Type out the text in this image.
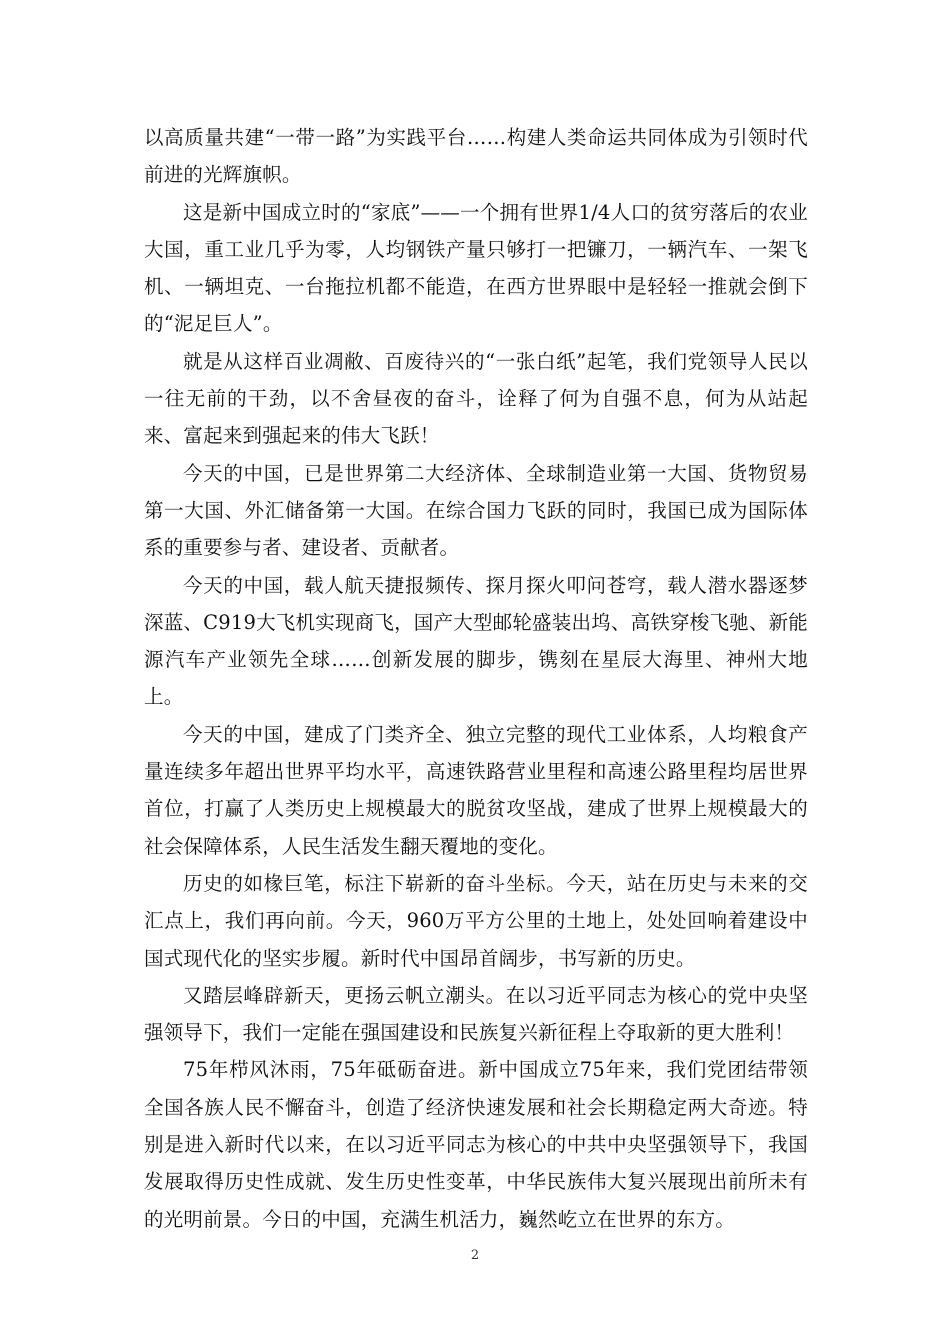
以高质量共建“一带一路”为实践平台……构建人类命运共同体成为引领时代前进的光辉旗帜。

这是新中国成立时的“家底”——一个拥有世界1/4人口的贫穷落后的农业大国，重工业几乎为零，人均钢铁产量只够打一把镰刀，一辆汽车、一架飞机、一辆坦克、一台拖拉机都不能造，在西方世界眼中是轻轻一推就会倒下的“泥足巨人”。

就是从这样百业凋敝、百废待兴的“一张白纸”起笔，我们党领导人民以一往无前的干劲，以不舍昼夜的奋斗，诠释了何为自强不息，何为从站起来、富起来到强起来的伟大飞跃！

今天的中国，已是世界第二大经济体、全球制造业第一大国、货物贸易第一大国、外汇储备第一大国。在综合国力飞跃的同时，我国已成为国际体系的重要参与者、建设者、贡献者。

今天的中国，载人航天捷报频传、探月探火叩问苍穹，载人潜水器逐梦深蓝、C919大飞机实现商飞，国产大型邮轮盛装出坞、高铁穿梭飞驰、新能源汽车产业领先全球……创新发展的脚步，镌刻在星辰大海里、神州大地上。

今天的中国，建成了门类齐全、独立完整的现代工业体系，人均粮食产量连续多年超出世界平均水平，高速铁路营业里程和高速公路里程均居世界首位，打赢了人类历史上规模最大的脱贫攻坚战，建成了世界上规模最大的社会保障体系，人民生活发生翻天覆地的变化。

历史的如椽巨笔，标注下崭新的奋斗坐标。今天，站在历史与未来的交汇点上，我们再向前。今天，960万平方公里的土地上，处处回响着建设中国式现代化的坚实步履。新时代中国昂首阔步，书写新的历史。

又踏层峰辟新天，更扬云帆立潮头。在以习近平同志为核心的党中央坚强领导下，我们一定能在强国建设和民族复兴新征程上夺取新的更大胜利！

75年栉风沐雨，75年砥砺奋进。新中国成立75年来，我们党团结带领全国各族人民不懈奋斗，创造了经济快速发展和社会长期稳定两大奇迹。特别是进入新时代以来，在以习近平同志为核心的中共中央坚强领导下，我国发展取得历史性成就、发生历史性变革，中华民族伟大复兴展现出前所未有的光明前景。今日的中国，充满生机活力，巍然屹立在世界的东方。

2
